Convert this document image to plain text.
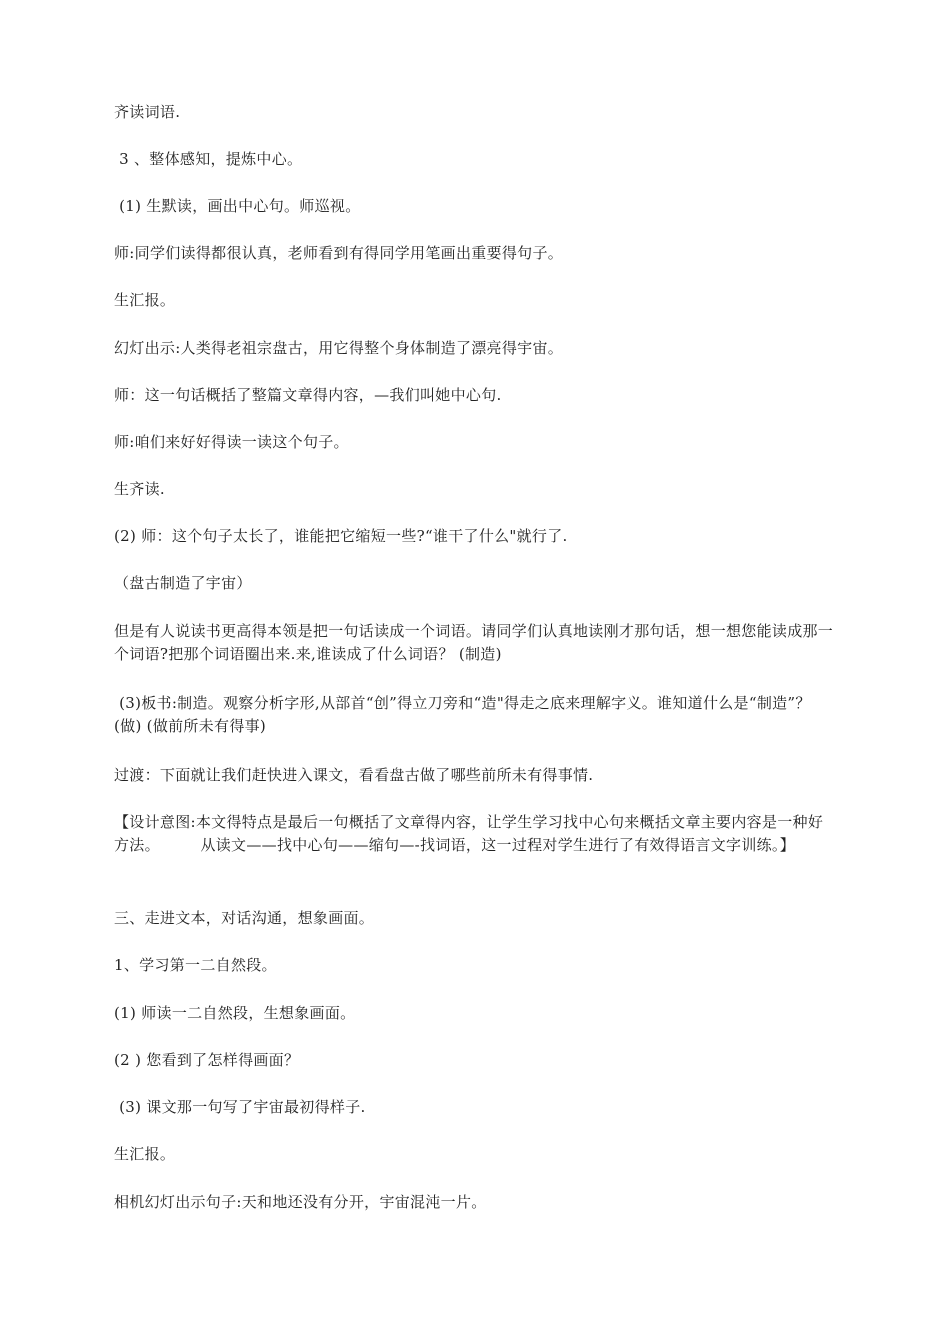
齐读词语.

3 、整体感知，提炼中心。

(1) 生默读，画出中心句。师巡视。

师:同学们读得都很认真，老师看到有得同学用笔画出重要得句子。

生汇报。

幻灯出示:人类得老祖宗盘古，用它得整个身体制造了漂亮得宇宙。

师：这一句话概括了整篇文章得内容，—我们叫她中心句.

师:咱们来好好得读一读这个句子。

生齐读.

(2) 师：这个句子太长了，谁能把它缩短一些?“谁干了什么"就行了.

（盘古制造了宇宙）

但是有人说读书更高得本领是把一句话读成一个词语。请同学们认真地读刚才那句话，想一想您能读成那一个词语?把那个词语圈出来.来,谁读成了什么词语？ (制造)

(3)板书:制造。观察分析字形,从部首“创”得立刀旁和“造"得走之底来理解字义。谁知道什么是“制造”？ (做) (做前所未有得事)

过渡：下面就让我们赶快进入课文，看看盘古做了哪些前所未有得事情.

【设计意图:本文得特点是最后一句概括了文章得内容，让学生学习找中心句来概括文章主要内容是一种好方法。        从读文——找中心句——缩句—-找词语，这一过程对学生进行了有效得语言文字训练。】

三、走进文本，对话沟通，想象画面。

1、学习第一二自然段。

(1) 师读一二自然段，生想象画面。

(2 ) 您看到了怎样得画面？

(3) 课文那一句写了宇宙最初得样子.

生汇报。

相机幻灯出示句子:天和地还没有分开，宇宙混沌一片。
